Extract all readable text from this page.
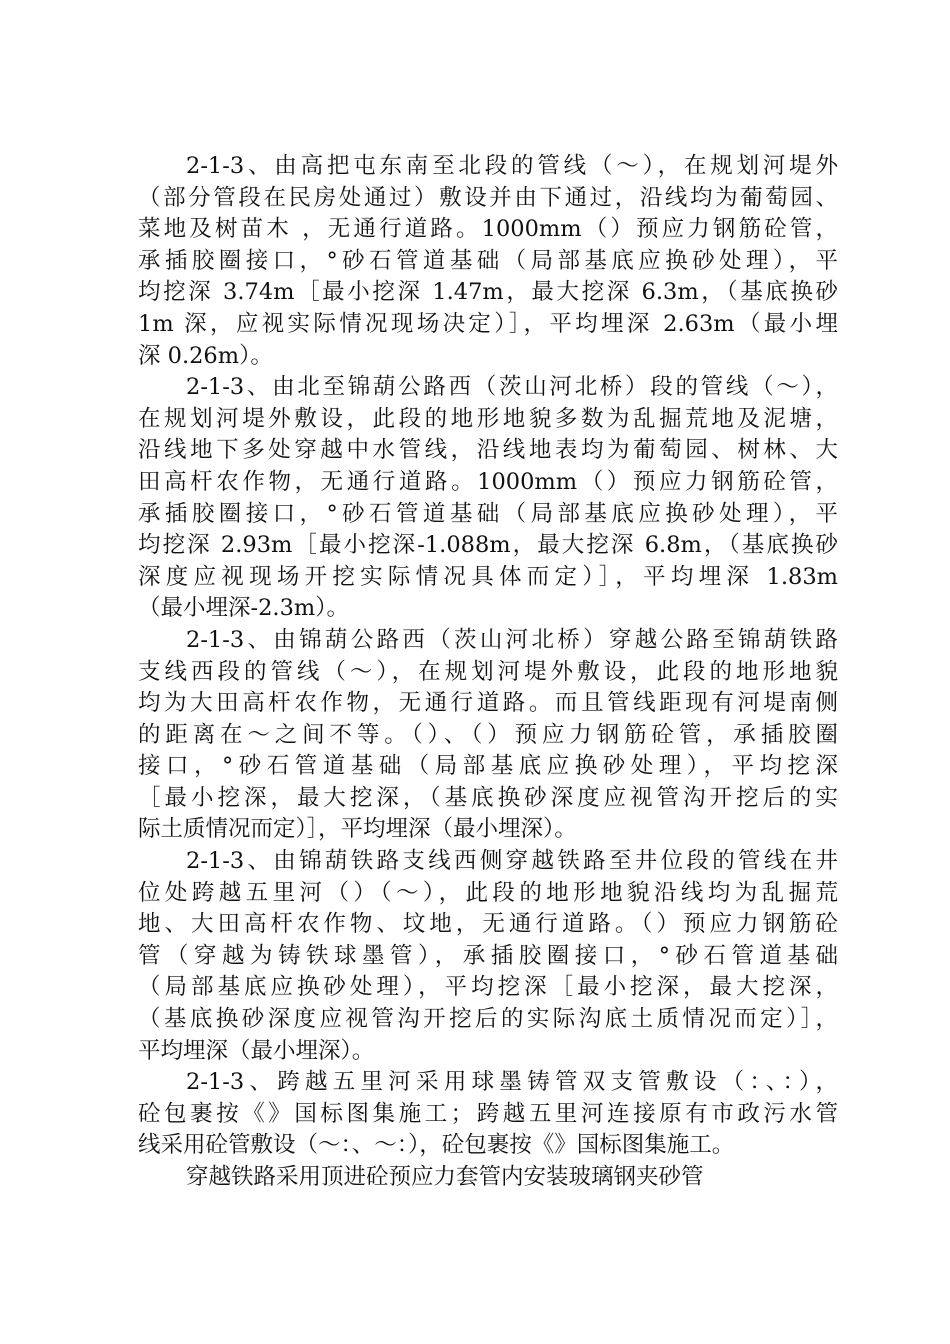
2-1-3、由高把屯东南至北段的管线（～），在规划河堤外
（部分管段在民房处通过）敷设并由下通过，沿线均为葡萄园、
菜地及树苗木 ，无通行道路。1000mm（）预应力钢筋砼管，
承插胶圈接口，°砂石管道基础（局部基底应换砂处理），平
均挖深 3.74m［最小挖深 1.47m，最大挖深 6.3m，（基底换砂
1m 深，应视实际情况现场决定）］，平均埋深 2.63m（最小埋
深 0.26m）。
2-1-3、由北至锦葫公路西（茨山河北桥）段的管线（～），
在规划河堤外敷设，此段的地形地貌多数为乱掘荒地及泥塘，
沿线地下多处穿越中水管线，沿线地表均为葡萄园、树林、大
田高杆农作物，无通行道路。1000mm（）预应力钢筋砼管，
承插胶圈接口，°砂石管道基础（局部基底应换砂处理），平
均挖深 2.93m［最小挖深-1.088m，最大挖深 6.8m，（基底换砂
深度应视现场开挖实际情况具体而定）］，平均埋深 1.83m
（最小埋深-2.3m）。
2-1-3、由锦葫公路西（茨山河北桥）穿越公路至锦葫铁路
支线西段的管线（～），在规划河堤外敷设，此段的地形地貌
均为大田高杆农作物，无通行道路。而且管线距现有河堤南侧
的距离在～之间不等。（）、（）预应力钢筋砼管，承插胶圈
接口，°砂石管道基础（局部基底应换砂处理），平均挖深
［最小挖深，最大挖深，（基底换砂深度应视管沟开挖后的实
际土质情况而定）］，平均埋深（最小埋深）。
2-1-3、由锦葫铁路支线西侧穿越铁路至井位段的管线在井
位处跨越五里河（）（～），此段的地形地貌沿线均为乱掘荒
地、大田高杆农作物、坟地，无通行道路。（）预应力钢筋砼
管（穿越为铸铁球墨管），承插胶圈接口，°砂石管道基础
（局部基底应换砂处理），平均挖深［最小挖深，最大挖深，
（基底换砂深度应视管沟开挖后的实际沟底土质情况而定）］，
平均埋深（最小埋深）。
2-1-3、跨越五里河采用球墨铸管双支管敷设（：、：），
砼包裹按《》国标图集施工；跨越五里河连接原有市政污水管
线采用砼管敷设（～：、～：），砼包裹按《》国标图集施工。
穿越铁路采用顶进砼预应力套管内安装玻璃钢夹砂管
